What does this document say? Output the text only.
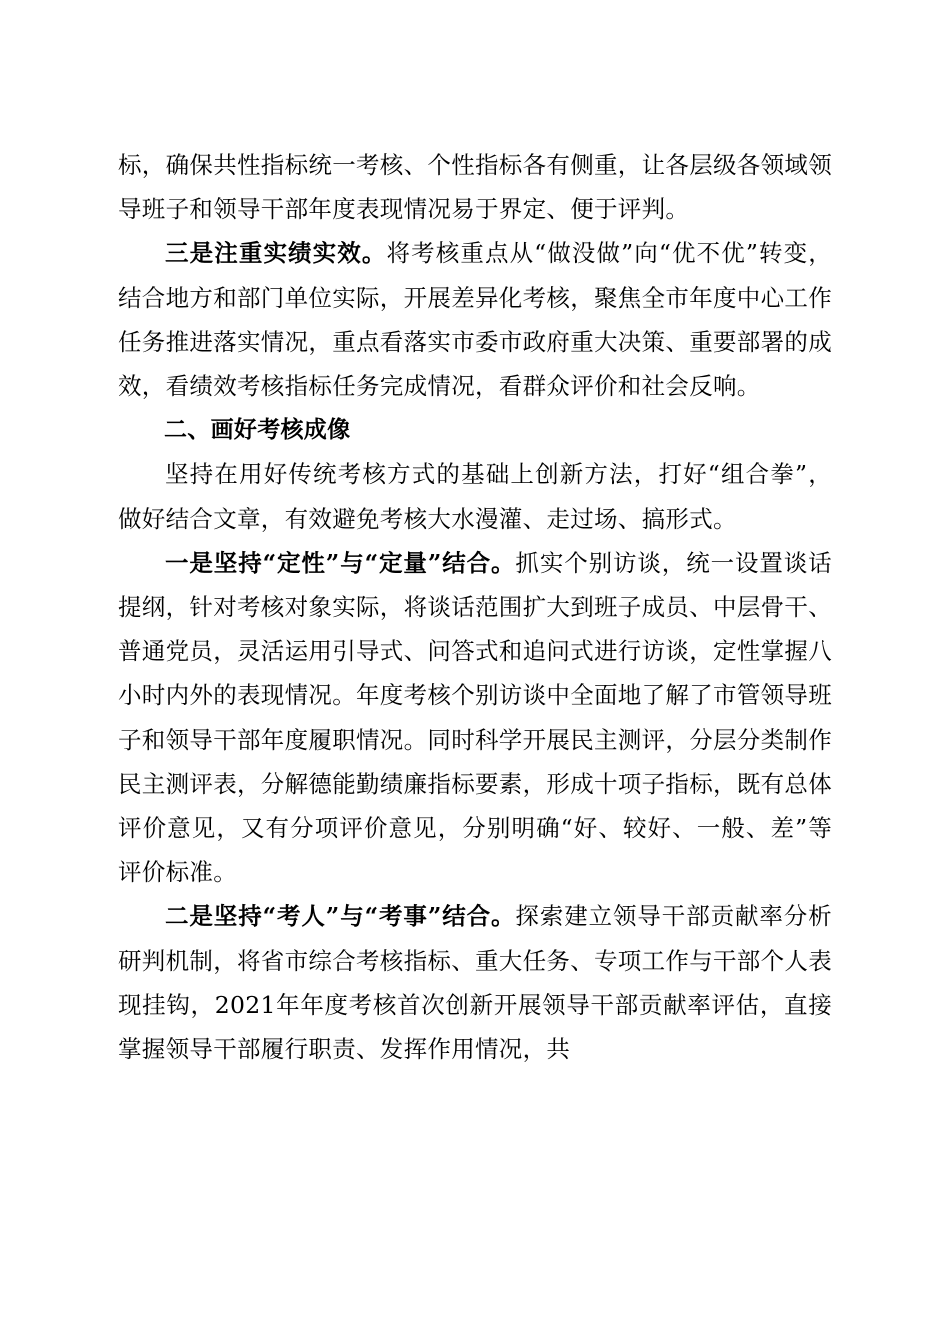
标，确保共性指标统一考核、个性指标各有侧重，让各层级各领域领导班子和领导干部年度表现情况易于界定、便于评判。

三是注重实绩实效。将考核重点从“做没做”向“优不优”转变，结合地方和部门单位实际，开展差异化考核，聚焦全市年度中心工作任务推进落实情况，重点看落实市委市政府重大决策、重要部署的成效，看绩效考核指标任务完成情况，看群众评价和社会反响。

二、画好考核成像

坚持在用好传统考核方式的基础上创新方法，打好“组合拳”，做好结合文章，有效避免考核大水漫灌、走过场、搞形式。

一是坚持“定性”与“定量”结合。抓实个别访谈，统一设置谈话提纲，针对考核对象实际，将谈话范围扩大到班子成员、中层骨干、普通党员，灵活运用引导式、问答式和追问式进行访谈，定性掌握八小时内外的表现情况。年度考核个别访谈中全面地了解了市管领导班子和领导干部年度履职情况。同时科学开展民主测评，分层分类制作民主测评表，分解德能勤绩廉指标要素，形成十项子指标，既有总体评价意见，又有分项评价意见，分别明确“好、较好、一般、差”等评价标准。

二是坚持“考人”与“考事”结合。探索建立领导干部贡献率分析研判机制，将省市综合考核指标、重大任务、专项工作与干部个人表现挂钩，2021年年度考核首次创新开展领导干部贡献率评估，直接掌握领导干部履行职责、发挥作用情况，共
